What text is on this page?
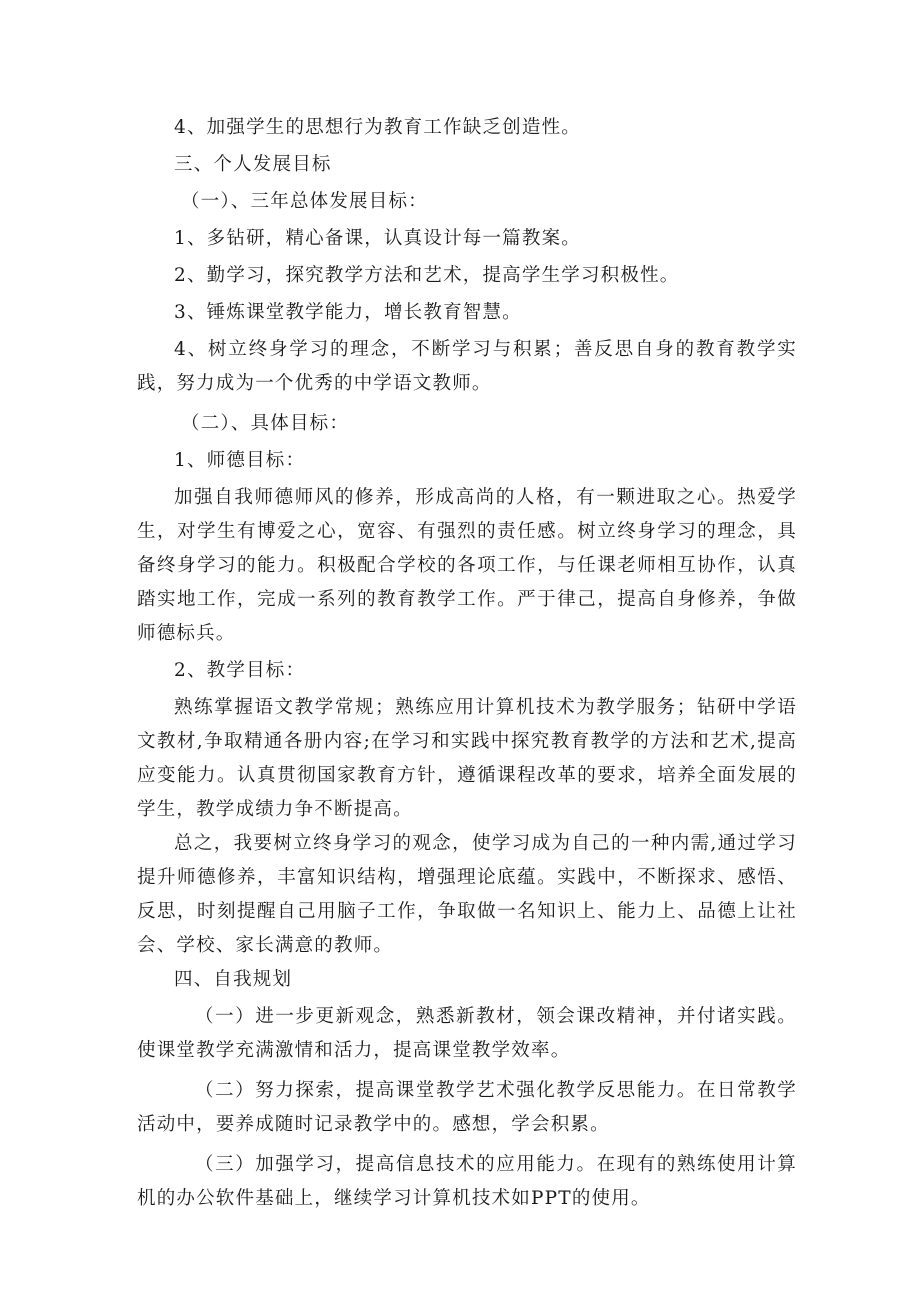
4、加强学生的思想行为教育工作缺乏创造性。

三、个人发展目标

（一）、三年总体发展目标：

1、多钻研，精心备课，认真设计每一篇教案。

2、勤学习，探究教学方法和艺术，提高学生学习积极性。

3、锤炼课堂教学能力，增长教育智慧。

4、树立终身学习的理念，不断学习与积累；善反思自身的教育教学实践，努力成为一个优秀的中学语文教师。

（二）、具体目标：

1、师德目标：

加强自我师德师风的修养，形成高尚的人格，有一颗进取之心。热爱学生，对学生有博爱之心，宽容、有强烈的责任感。树立终身学习的理念，具备终身学习的能力。积极配合学校的各项工作，与任课老师相互协作，认真踏实地工作，完成一系列的教育教学工作。严于律己，提高自身修养，争做师德标兵。

2、教学目标：

熟练掌握语文教学常规；熟练应用计算机技术为教学服务；钻研中学语文教材,争取精通各册内容;在学习和实践中探究教育教学的方法和艺术,提高应变能力。认真贯彻国家教育方针，遵循课程改革的要求，培养全面发展的学生，教学成绩力争不断提高。

总之，我要树立终身学习的观念，使学习成为自己的一种内需,通过学习提升师德修养，丰富知识结构，增强理论底蕴。实践中，不断探求、感悟、反思，时刻提醒自己用脑子工作，争取做一名知识上、能力上、品德上让社会、学校、家长满意的教师。

四、自我规划

（一）进一步更新观念，熟悉新教材，领会课改精神，并付诸实践。使课堂教学充满激情和活力，提高课堂教学效率。

（二）努力探索，提高课堂教学艺术强化教学反思能力。在日常教学活动中，要养成随时记录教学中的。感想，学会积累。

（三）加强学习，提高信息技术的应用能力。在现有的熟练使用计算机的办公软件基础上，继续学习计算机技术如PPT的使用。
